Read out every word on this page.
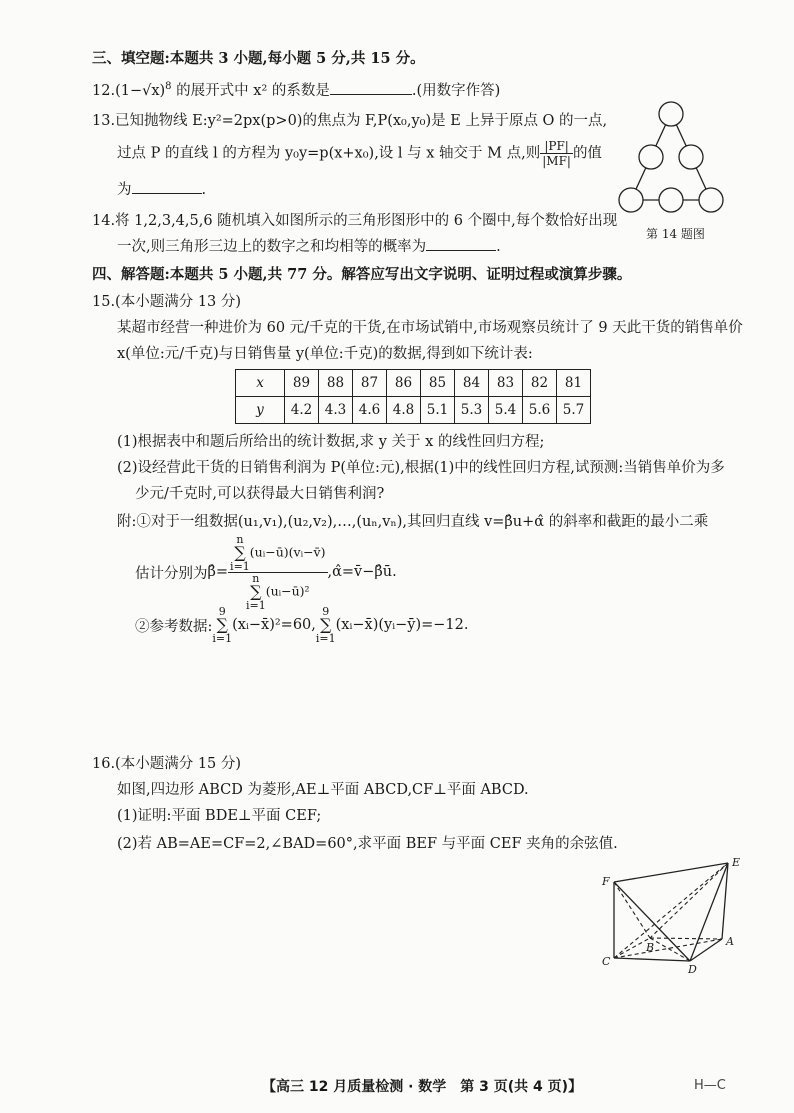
三、填空题:本题共 3 小题,每小题 5 分,共 15 分。
$12.(1-√x)^8$ 的展开式中 x² 的系数是	.(用数字作答)
13.已知抛物线 E:y²=2px(p>0)的焦点为 F,P(x₀,y₀)是 E 上异于原点 O 的一点,
过点 P 的直线 l 的方程为 y₀y=p(x+x₀),设 l 与 x 轴交于 M 点,则 $\frac{|PF|}{|MF|}$ 的值
为	.
第 14 题图
14.将 1,2,3,4,5,6 随机填入如图所示的三角形图形中的 6 个圈中,每个数恰好出现
一次,则三角形三边上的数字之和均相等的概率为	.
四、解答题:本题共 5 小题,共 77 分。解答应写出文字说明、证明过程或演算步骤。
15.(本小题满分 13 分)
某超市经营一种进价为 60 元/千克的干货,在市场试销中,市场观察员统计了 9 天此干货的销售单价
x(单位:元/千克)与日销售量 y(单位:千克)的数据,得到如下统计表:
x	89	88	87	86	85	84	83	82	81
y	4.2	4.3	4.6	4.8	5.1	5.3	5.4	5.6	5.7
(1)根据表中和题后所给出的统计数据,求 y 关于 x 的线性回归方程;
(2)设经营此干货的日销售利润为 P(单位:元),根据(1)中的线性回归方程,试预测:当销售单价为多
少元/千克时,可以获得最大日销售利润?
附:①对于一组数据(u₁,v₁),(u₂,v₂),…,(uₙ,vₙ),其回归直线 v=β̂u+α̂ 的斜率和截距的最小二乘
估计分别为 β̂= n
∑
i=1(uᵢ−ū)(vᵢ−v̄)
n
∑
i=1(uᵢ−ū)² ,α̂=v̄−β̂ū.
②参考数据:
9
∑
i=1
(xᵢ−x̄)²=60,
9
∑
i=1
(xᵢ−x̄)(yᵢ−ȳ)=−12.
16.(本小题满分 15 分)
如图,四边形 ABCD 为菱形,AE⊥平面 ABCD,CF⊥平面 ABCD.
(1)证明:平面 BDE⊥平面 CEF;
(2)若 AB=AE=CF=2,∠BAD=60°,求平面 BEF 与平面 CEF 夹角的余弦值.
E
F
A
B
C
D
【高三 12 月质量检测 · 数学　第 3 页(共 4 页)】	H—C
